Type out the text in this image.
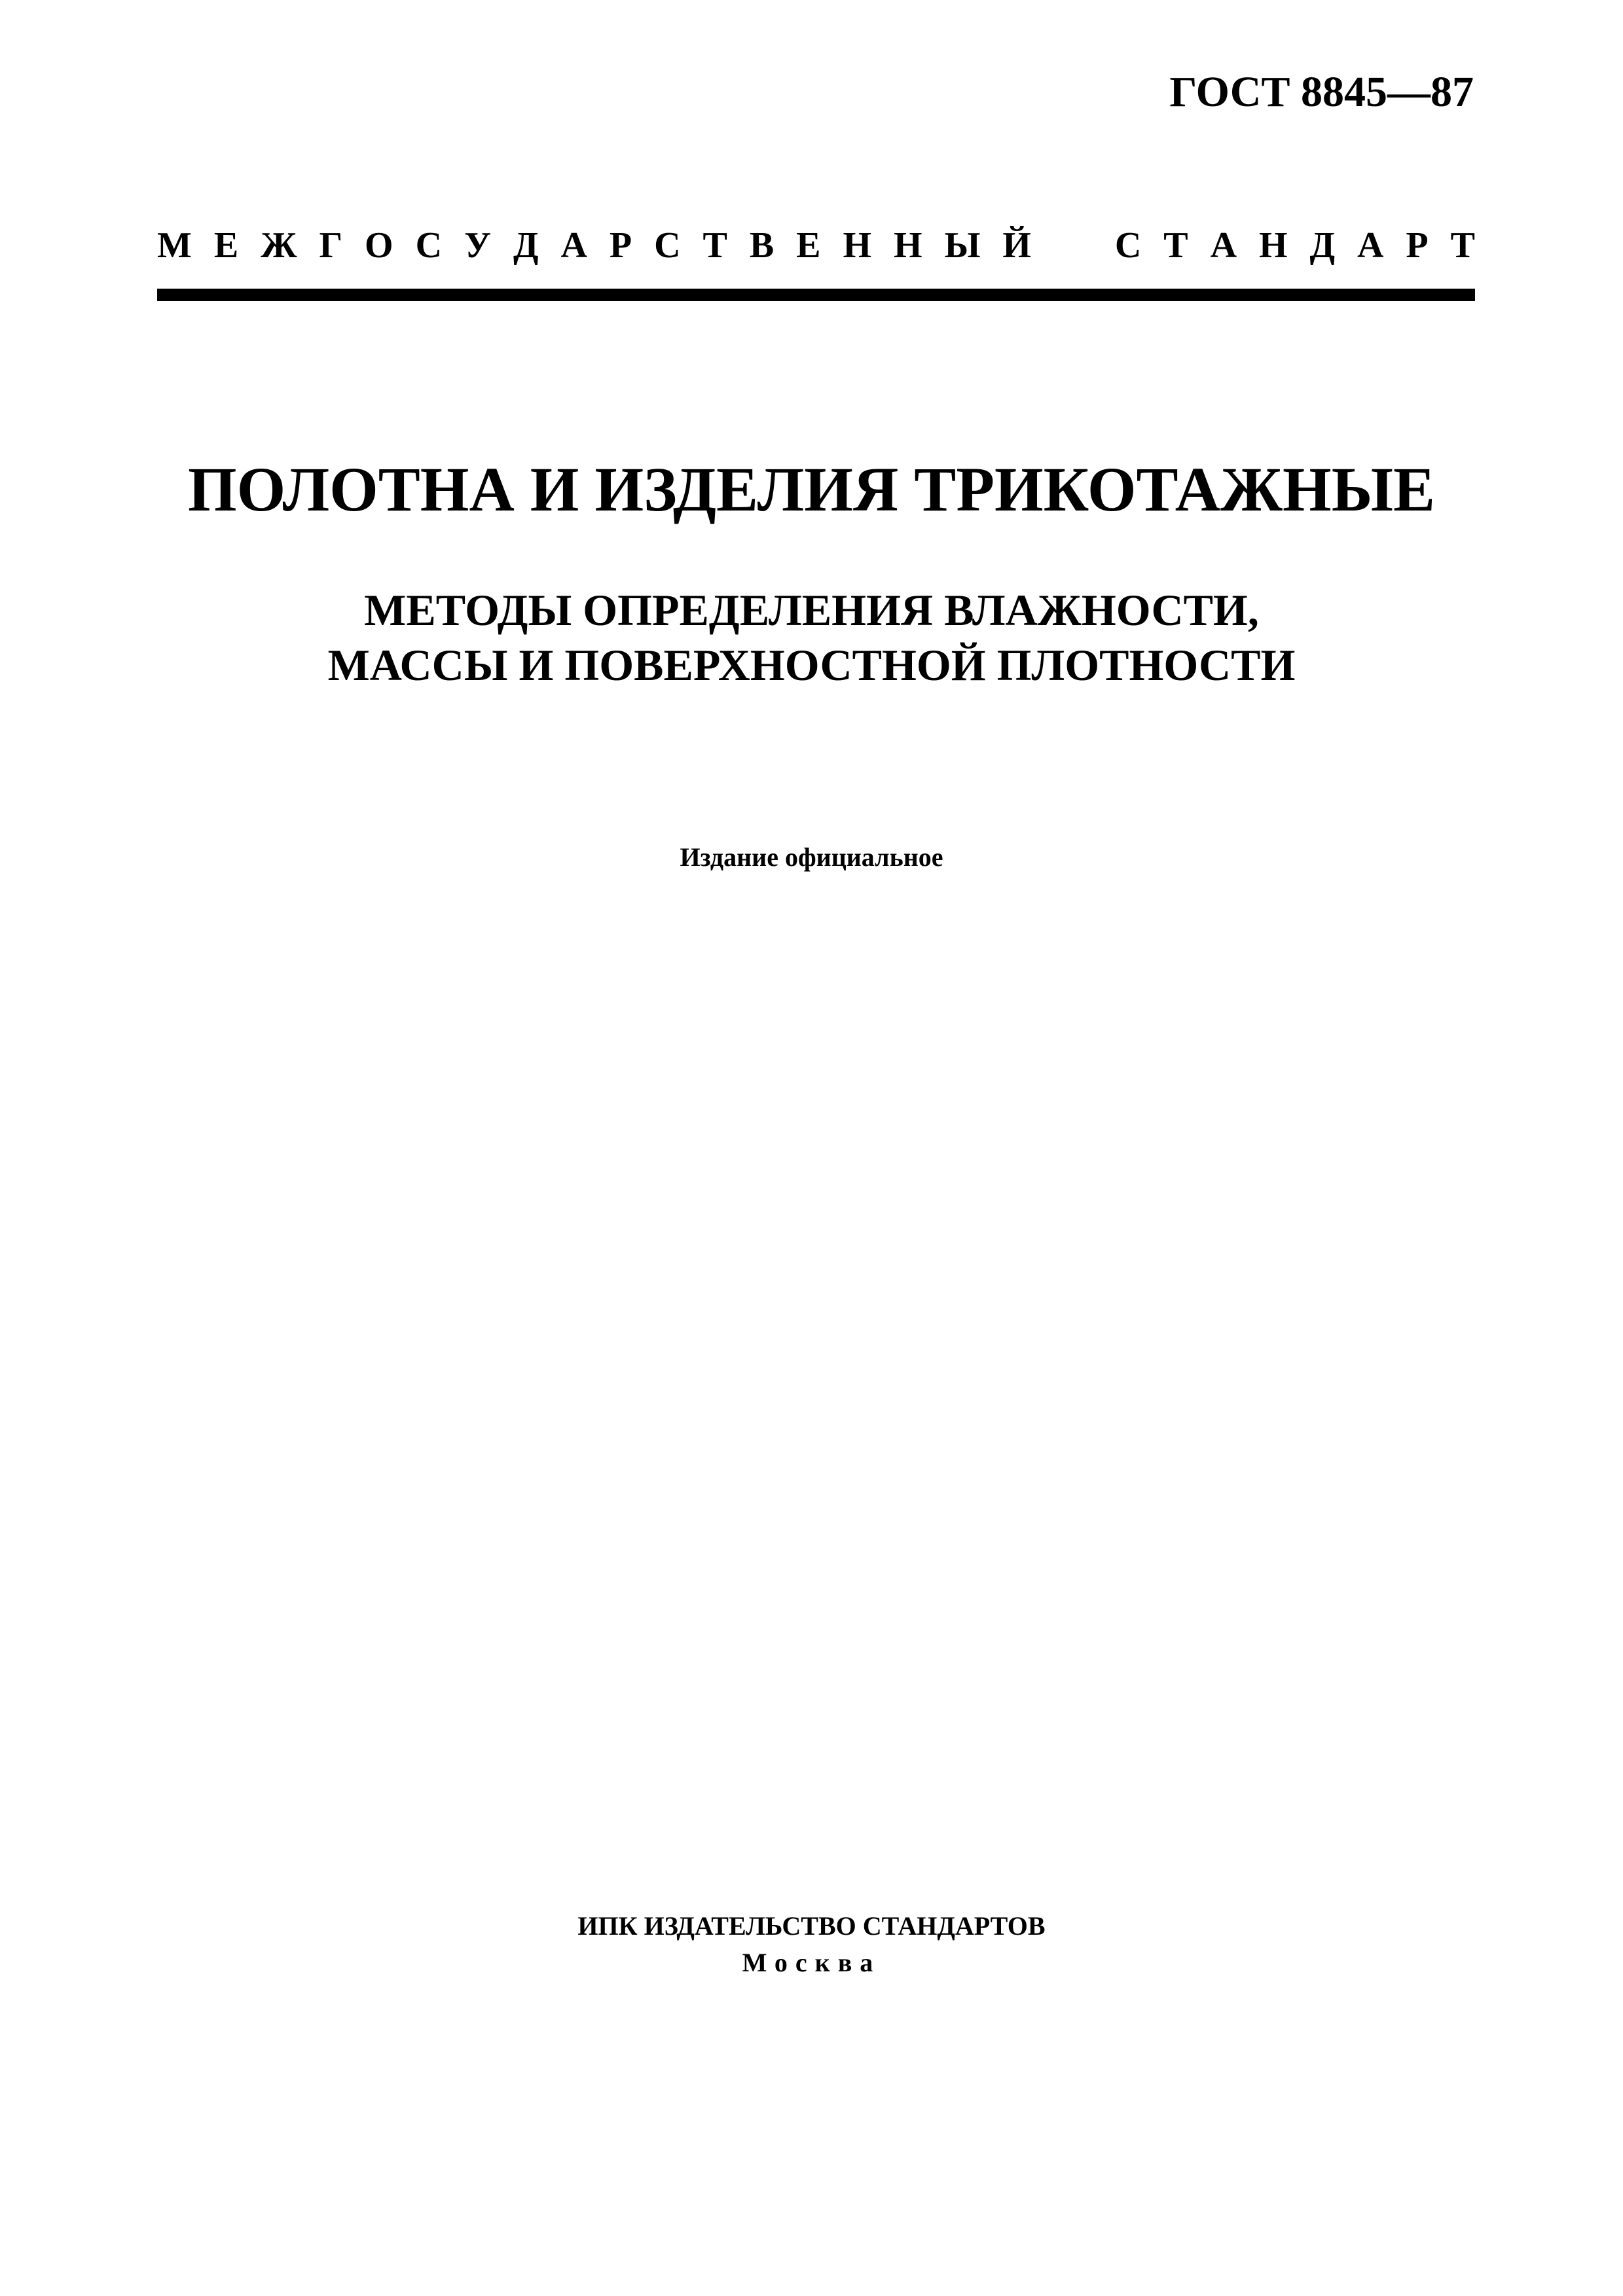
ГОСТ 8845—87
М Е Ж Г О С У Д А Р С Т В Е Н Н Ы Й С Т А Н Д А Р Т
ПОЛОТНА И ИЗДЕЛИЯ ТРИКОТАЖНЫЕ
МЕТОДЫ ОПРЕДЕЛЕНИЯ ВЛАЖНОСТИ,
МАССЫ И ПОВЕРХНОСТНОЙ ПЛОТНОСТИ
Издание официальное
ИПК ИЗДАТЕЛЬСТВО СТАНДАРТОВ
Москва
